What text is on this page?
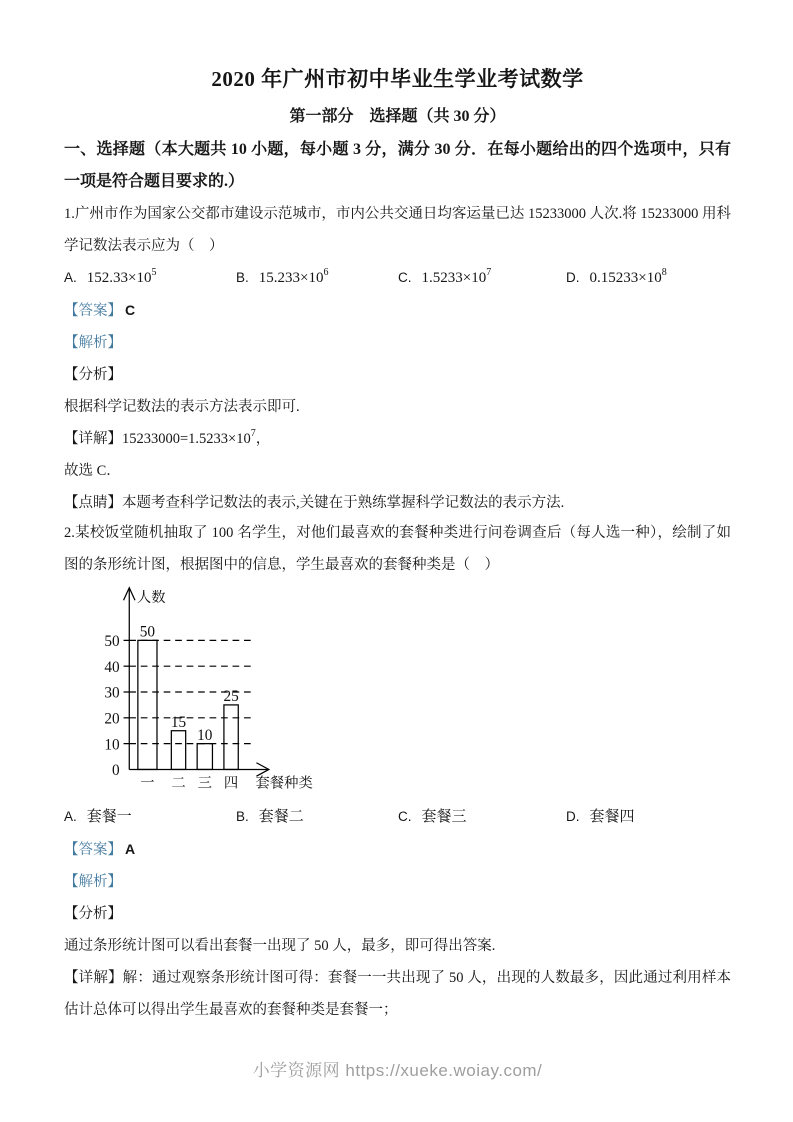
2020 年广州市初中毕业生学业考试数学
第一部分　选择题（共 30 分）

一、选择题（本大题共 10 小题，每小题 3 分，满分 30 分．在每小题给出的四个选项中，只有一项是符合题目要求的.）

1.广州市作为国家公交都市建设示范城市，市内公共交通日均客运量已达 15233000 人次.将 15233000 用科学记数法表示应为（　）

A. $152.33\times 10^5$	B. $15.233\times 10^6$	C. $1.5233\times 10^7$	D. $0.15233\times 10^8$

【答案】 C

【解析】

【分析】

根据科学记数法的表示方法表示即可.

【详解】$15233000=1.5233\times 10^7$，

故选 C．

【点睛】本题考查科学记数法的表示,关键在于熟练掌握科学记数法的表示方法.

2.某校饭堂随机抽取了 100 名学生，对他们最喜欢的套餐种类进行问卷调查后（每人选一种），绘制了如图的条形统计图，根据图中的信息，学生最喜欢的套餐种类是（　）

0
10
20
30
40
50
50
一
15
二
10
三
25
四
人数
套餐种类
A. 套餐一	B. 套餐二	C. 套餐三	D. 套餐四

【答案】 A

【解析】

【分析】

通过条形统计图可以看出套餐一出现了 50 人，最多，即可得出答案.

【详解】解：通过观察条形统计图可得：套餐一一共出现了 50 人，出现的人数最多，因此通过利用样本估计总体可以得出学生最喜欢的套餐种类是套餐一；

小学资源网 https://xueke.woiay.com/
